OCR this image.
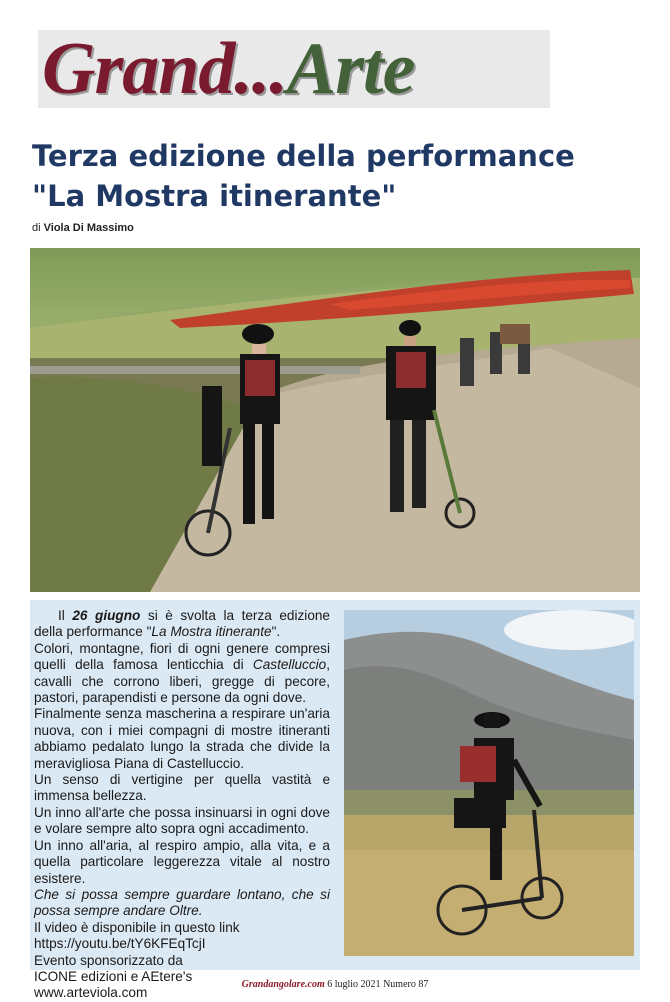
Grand...Arte
Terza edizione della performance
"La Mostra itinerante"
di Viola Di Massimo

Il 26 giugno si è svolta la terza edizione della performance "La Mostra itinerante".

Colori, montagne, fiori di ogni genere compresi quelli della famosa lenticchia di Castelluccio, cavalli che corrono liberi, gregge di pecore, pastori, parapendisti e persone da ogni dove.

Finalmente senza mascherina a respirare un'aria nuova, con i miei compagni di mostre itineranti abbiamo pedalato lungo la strada che divide la meravigliosa Piana di Castelluccio.

Un senso di vertigine per quella vastità e immensa bellezza.

Un inno all'arte che possa insinuarsi in ogni dove e volare sempre alto sopra ogni accadimento.

Un inno all'aria, al respiro ampio, alla vita, e a quella particolare leggerezza vitale al nostro esistere.

Che si possa sempre guardare lontano, che si possa sempre andare Oltre.

Il video è disponibile in questo link

https://youtu.be/tY6KFEqTcjI

Evento sponsorizzato da

ICONE edizioni e AEtere's

www.arteviola.com

Grandangolare.com 6 luglio 2021 Numero 87
